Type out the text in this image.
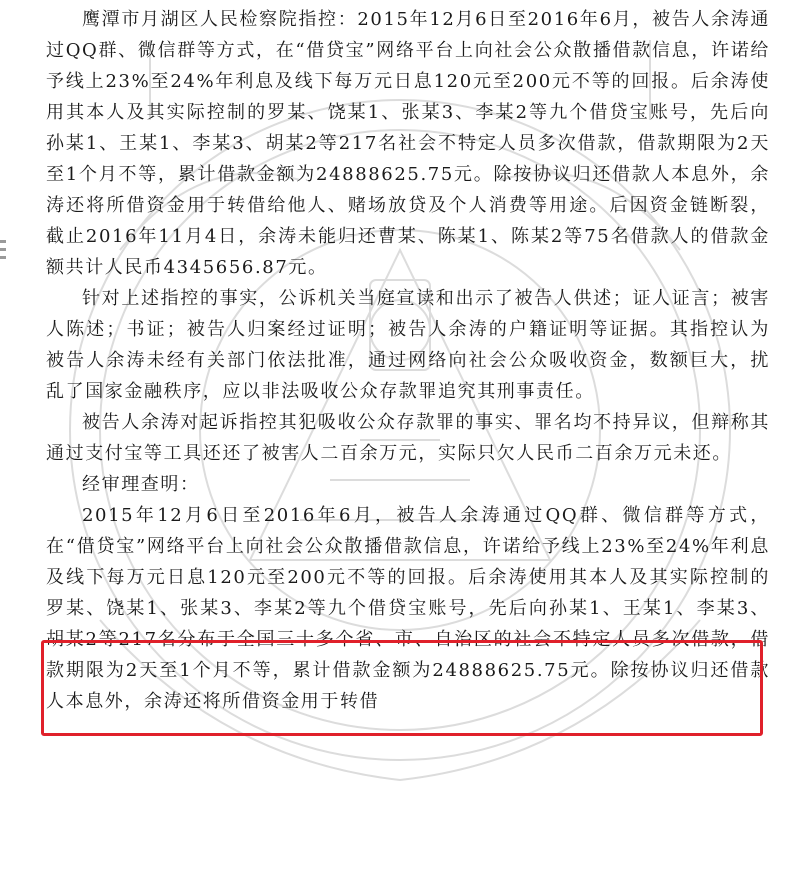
鹰潭市月湖区人民检察院指控：2015年12月6日至2016年6月，被告人余涛通过QQ群、微信群等方式，在“借贷宝”网络平台上向社会公众散播借款信息，许诺给予线上23%至24%年利息及线下每万元日息120元至200元不等的回报。后余涛使用其本人及其实际控制的罗某、饶某1、张某3、李某2等九个借贷宝账号，先后向孙某1、王某1、李某3、胡某2等217名社会不特定人员多次借款，借款期限为2天至1个月不等，累计借款金额为24888625.75元。除按协议归还借款人本息外，余涛还将所借资金用于转借给他人、赌场放贷及个人消费等用途。后因资金链断裂，截止2016年11月4日，余涛未能归还曹某、陈某1、陈某2等75名借款人的借款金额共计人民币4345656.87元。

针对上述指控的事实，公诉机关当庭宣读和出示了被告人供述；证人证言；被害人陈述；书证；被告人归案经过证明；被告人余涛的户籍证明等证据。其指控认为被告人余涛未经有关部门依法批准，通过网络向社会公众吸收资金，数额巨大，扰乱了国家金融秩序，应以非法吸收公众存款罪追究其刑事责任。

被告人余涛对起诉指控其犯吸收公众存款罪的事实、罪名均不持异议，但辩称其通过支付宝等工具还还了被害人二百余万元，实际只欠人民币二百余万元未还。

经审理查明：

2015年12月6日至2016年6月，被告人余涛通过QQ群、微信群等方式，在“借贷宝”网络平台上向社会公众散播借款信息，许诺给予线上23%至24%年利息及线下每万元日息120元至200元不等的回报。后余涛使用其本人及其实际控制的罗某、饶某1、张某3、李某2等九个借贷宝账号，先后向孙某1、王某1、李某3、胡某2等217名分布于全国三十多个省、市、自治区的社会不特定人员多次借款，借款期限为2天至1个月不等，累计借款金额为24888625.75元。除按协议归还借款人本息外，余涛还将所借资金用于转借
